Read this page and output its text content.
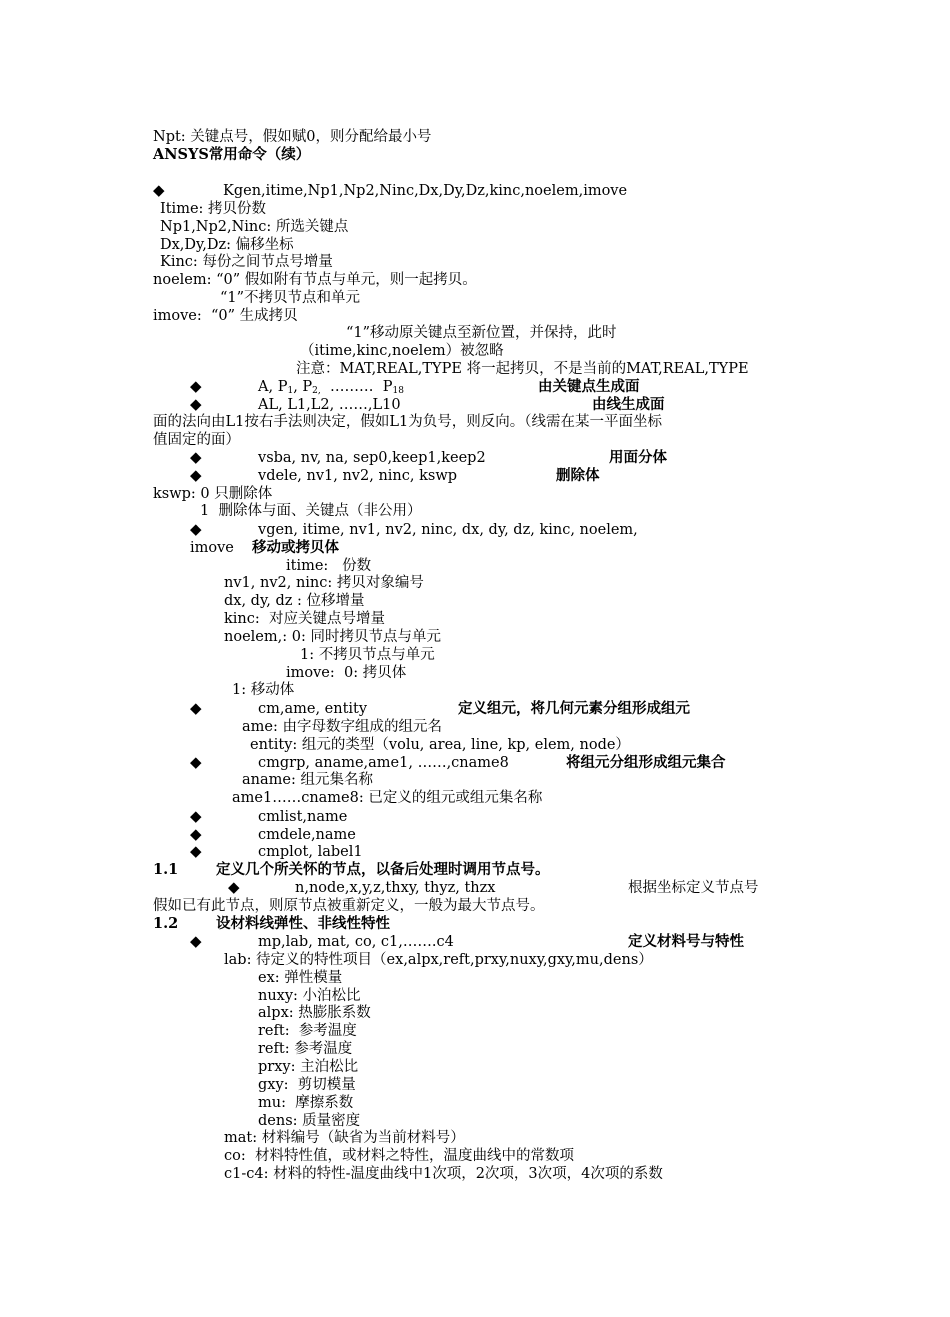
Npt: 关键点号，假如赋0，则分配给最小号
ANSYS常用命令（续）
◆	Kgen,itime,Np1,Np2,Ninc,Dx,Dy,Dz,kinc,noelem,imove
Itime: 拷贝份数
Np1,Np2,Ninc: 所选关键点
Dx,Dy,Dz: 偏移坐标
Kinc: 每份之间节点号增量
noelem: “0” 假如附有节点与单元，则一起拷贝。
“1”不拷贝节点和单元
imove:  “0” 生成拷贝
“1”移动原关键点至新位置，并保持，此时
（itime,kinc,noelem）被忽略
注意：MAT,REAL,TYPE 将一起拷贝，不是当前的MAT,REAL,TYPE
◆	A, $P_1$, $P_{2,}$  ………  $P_{18}$	由关键点生成面
◆	AL, L1,L2, ……,L10	由线生成面
面的法向由L1按右手法则决定，假如L1为负号，则反向。（线需在某一平面坐标
值固定的面）
◆	vsba, nv, na, sep0,keep1,keep2	用面分体
◆	vdele, nv1, nv2, ninc, kswp	删除体
kswp: 0 只删除体
1  删除体与面、关键点（非公用）
◆	vgen, itime, nv1, nv2, ninc, dx, dy, dz, kinc, noelem,
imove 移动或拷贝体
itime:   份数
nv1, nv2, ninc: 拷贝对象编号
dx, dy, dz : 位移增量
kinc:  对应关键点号增量
noelem,: 0: 同时拷贝节点与单元
1: 不拷贝节点与单元
imove:  0: 拷贝体
1: 移动体
◆	cm,ame, entity	定义组元，将几何元素分组形成组元
ame: 由字母数字组成的组元名
entity: 组元的类型（volu, area, line, kp, elem, node）
◆	cmgrp, aname,ame1, ……,cname8	将组元分组形成组元集合
aname: 组元集名称
ame1……cname8: 已定义的组元或组元集名称
◆	cmlist,name
◆	cmdele,name
◆	cmplot, label1
1.1	定义几个所关怀的节点，以备后处理时调用节点号。
◆	n,node,x,y,z,thxy, thyz, thzx	根据坐标定义节点号
假如已有此节点，则原节点被重新定义，一般为最大节点号。
1.2	设材料线弹性、非线性特性
◆	mp,lab, mat, co, c1,…….c4	定义材料号与特性
lab: 待定义的特性项目（ex,alpx,reft,prxy,nuxy,gxy,mu,dens）
ex: 弹性模量
nuxy: 小泊松比
alpx: 热膨胀系数
reft:  参考温度
reft: 参考温度
prxy: 主泊松比
gxy:  剪切模量
mu:  摩擦系数
dens: 质量密度
mat: 材料编号（缺省为当前材料号）
co:  材料特性值，或材料之特性，温度曲线中的常数项
c1-c4: 材料的特性-温度曲线中1次项，2次项，3次项，4次项的系数
